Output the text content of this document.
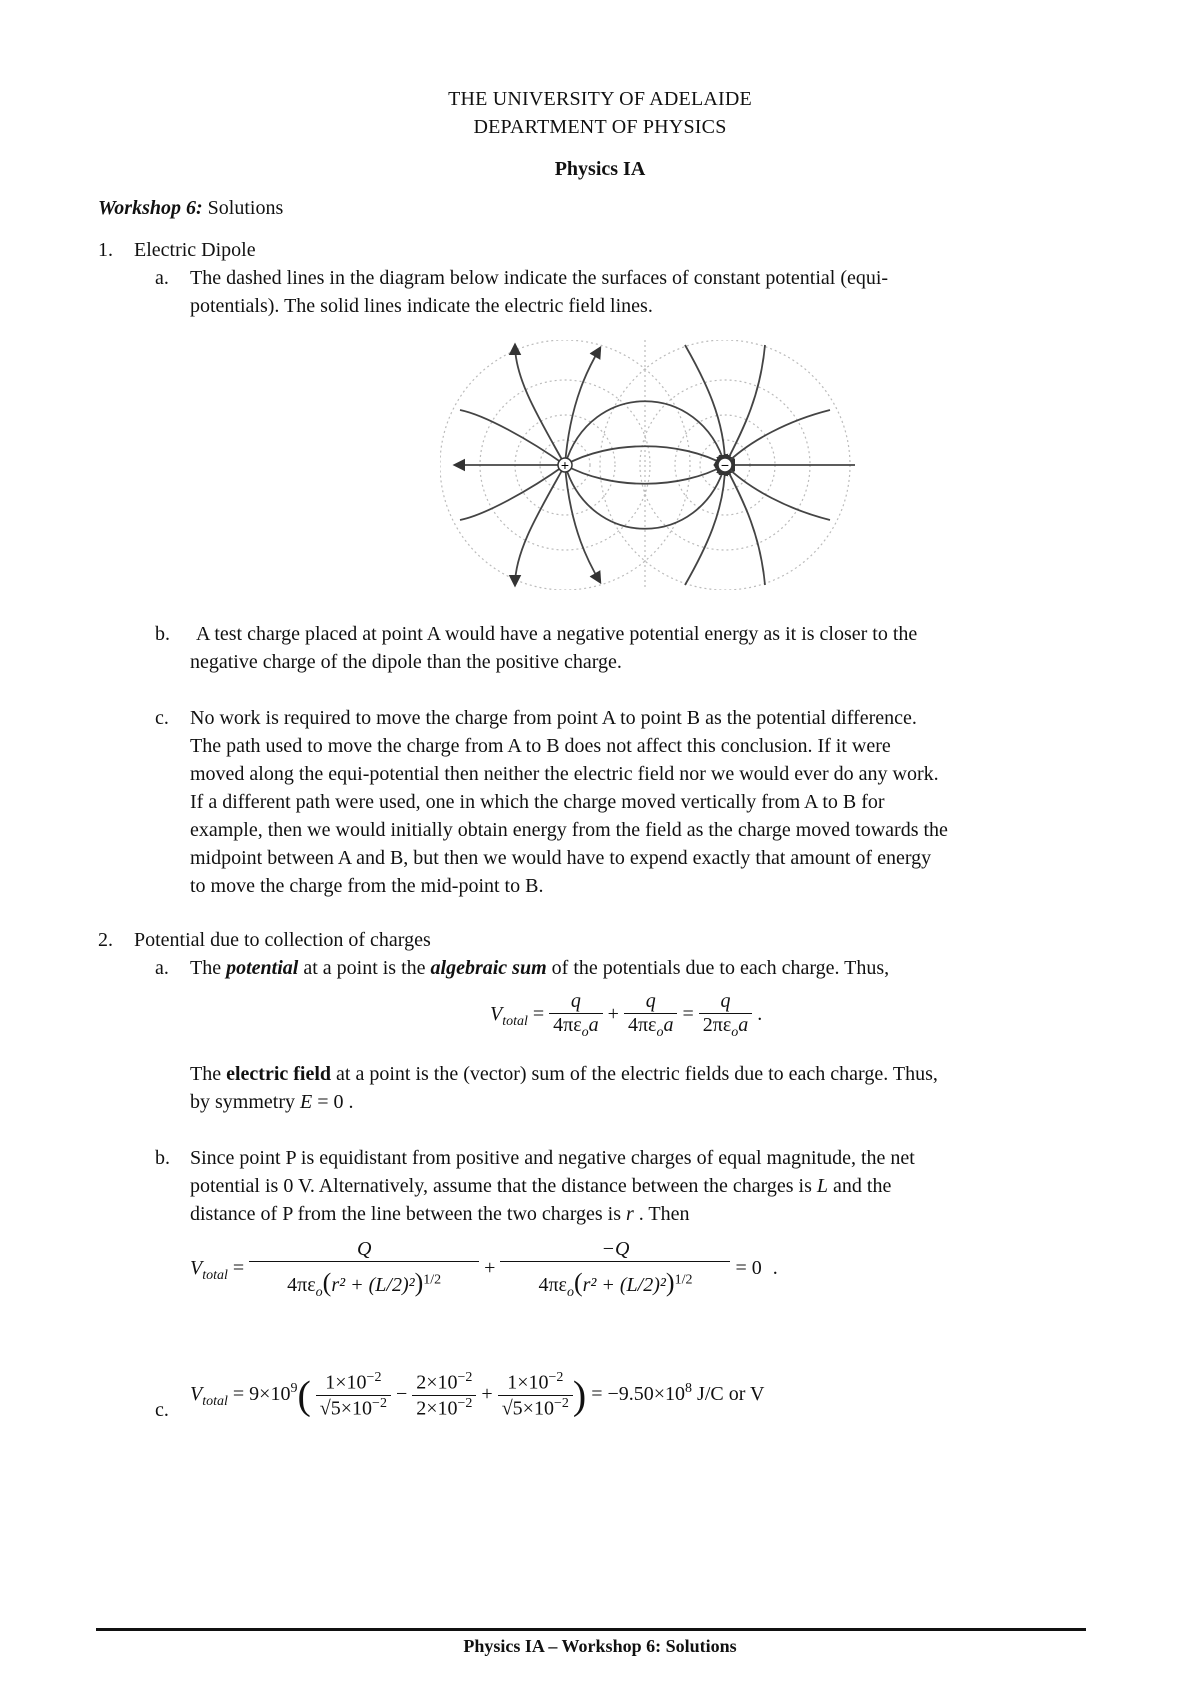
THE UNIVERSITY OF ADELAIDE
DEPARTMENT OF PHYSICS
Physics IA
Workshop 6: Solutions
1. Electric Dipole
a. The dashed lines in the diagram below indicate the surfaces of constant potential (equi-
potentials). The solid lines indicate the electric field lines.
+	−
b. A test charge placed at point A would have a negative potential energy as it is closer to the
negative charge of the dipole than the positive charge.
c. No work is required to move the charge from point A to point B as the potential difference.
The path used to move the charge from A to B does not affect this conclusion. If it were
moved along the equi-potential then neither the electric field nor we would ever do any work.
If a different path were used, one in which the charge moved vertically from A to B for
example, then we would initially obtain energy from the field as the charge moved towards the
midpoint between A and B, but then we would have to expend exactly that amount of energy
to move the charge from the mid-point to B.
2. Potential due to collection of charges
a. The potential at a point is the algebraic sum of the potentials due to each charge. Thus,
$V_{total} = \frac{q}{4\pi\varepsilon_oa} + \frac{q}{4\pi\varepsilon_oa} = \frac{q}{2\pi\varepsilon_oa}$ .
The electric field at a point is the (vector) sum of the electric fields due to each charge. Thus,
by symmetry E = 0 .
b. Since point P is equidistant from positive and negative charges of equal magnitude, the net
potential is 0 V. Alternatively, assume that the distance between the charges is L and the
distance of P from the line between the two charges is r . Then
$V_{total} = \frac{Q}{4\pi\varepsilon_o(r^2 + (L/2)^2)^{1/2}} + \frac{-Q}{4\pi\varepsilon_o(r^2 + (L/2)^2)^{1/2}} = 0$ .
c.
$V_{total} = 9\times 10^9( \frac{1\times 10^{-2}}{√5\times 10^{-2}} - \frac{2\times 10^{-2}}{2\times 10^{-2}} + \frac{1\times 10^{-2}}{√5\times 10^{-2}}$ ) = $-9.50\times 10^8$ J/C or V
Physics IA – Workshop 6: Solutions
